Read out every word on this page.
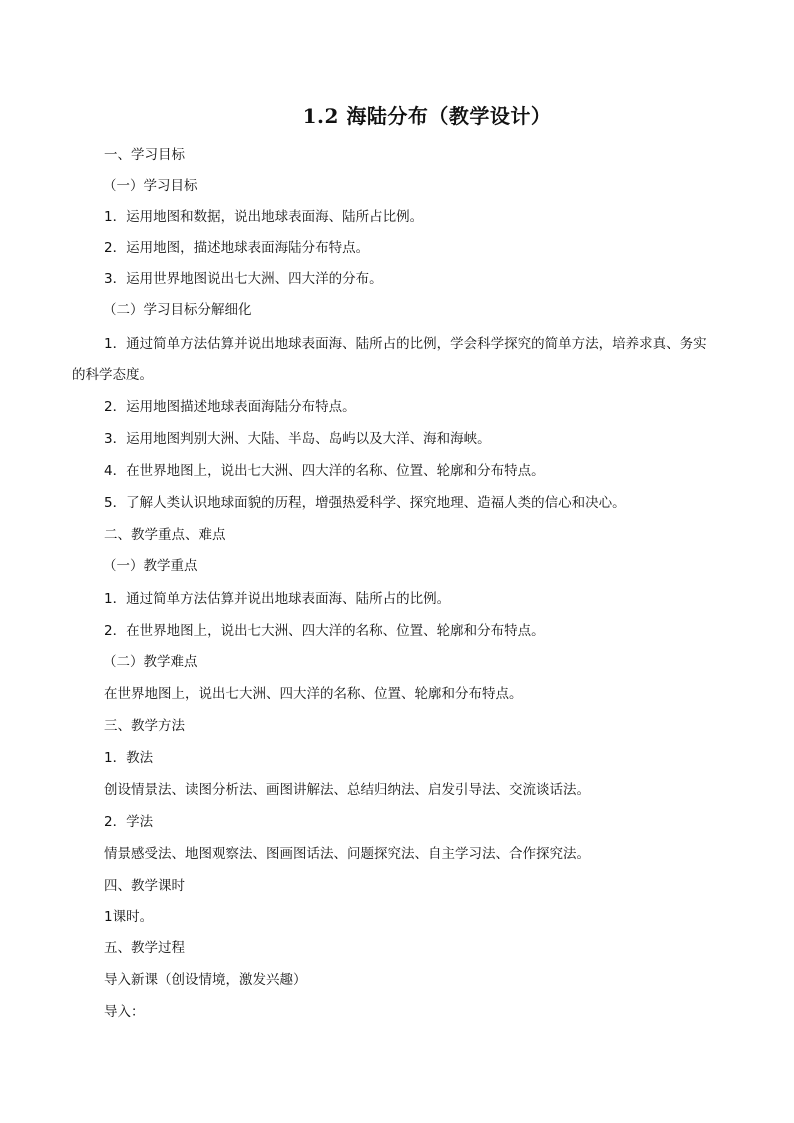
1.2 海陆分布（教学设计）
一、学习目标
（一）学习目标
1．运用地图和数据，说出地球表面海、陆所占比例。
2．运用地图，描述地球表面海陆分布特点。
3．运用世界地图说出七大洲、四大洋的分布。
（二）学习目标分解细化
1．通过简单方法估算并说出地球表面海、陆所占的比例，学会科学探究的简单方法，培养求真、务实
的科学态度。
2．运用地图描述地球表面海陆分布特点。
3．运用地图判别大洲、大陆、半岛、岛屿以及大洋、海和海峡。
4．在世界地图上，说出七大洲、四大洋的名称、位置、轮廓和分布特点。
5．了解人类认识地球面貌的历程，增强热爱科学、探究地理、造福人类的信心和决心。
二、教学重点、难点
（一）教学重点
1．通过简单方法估算并说出地球表面海、陆所占的比例。
2．在世界地图上，说出七大洲、四大洋的名称、位置、轮廓和分布特点。
（二）教学难点
在世界地图上，说出七大洲、四大洋的名称、位置、轮廓和分布特点。
三、教学方法
1．教法
创设情景法、读图分析法、画图讲解法、总结归纳法、启发引导法、交流谈话法。
2．学法
情景感受法、地图观察法、图画图话法、问题探究法、自主学习法、合作探究法。
四、教学课时
1课时。
五、教学过程
导入新课（创设情境，激发兴趣）
导入：
